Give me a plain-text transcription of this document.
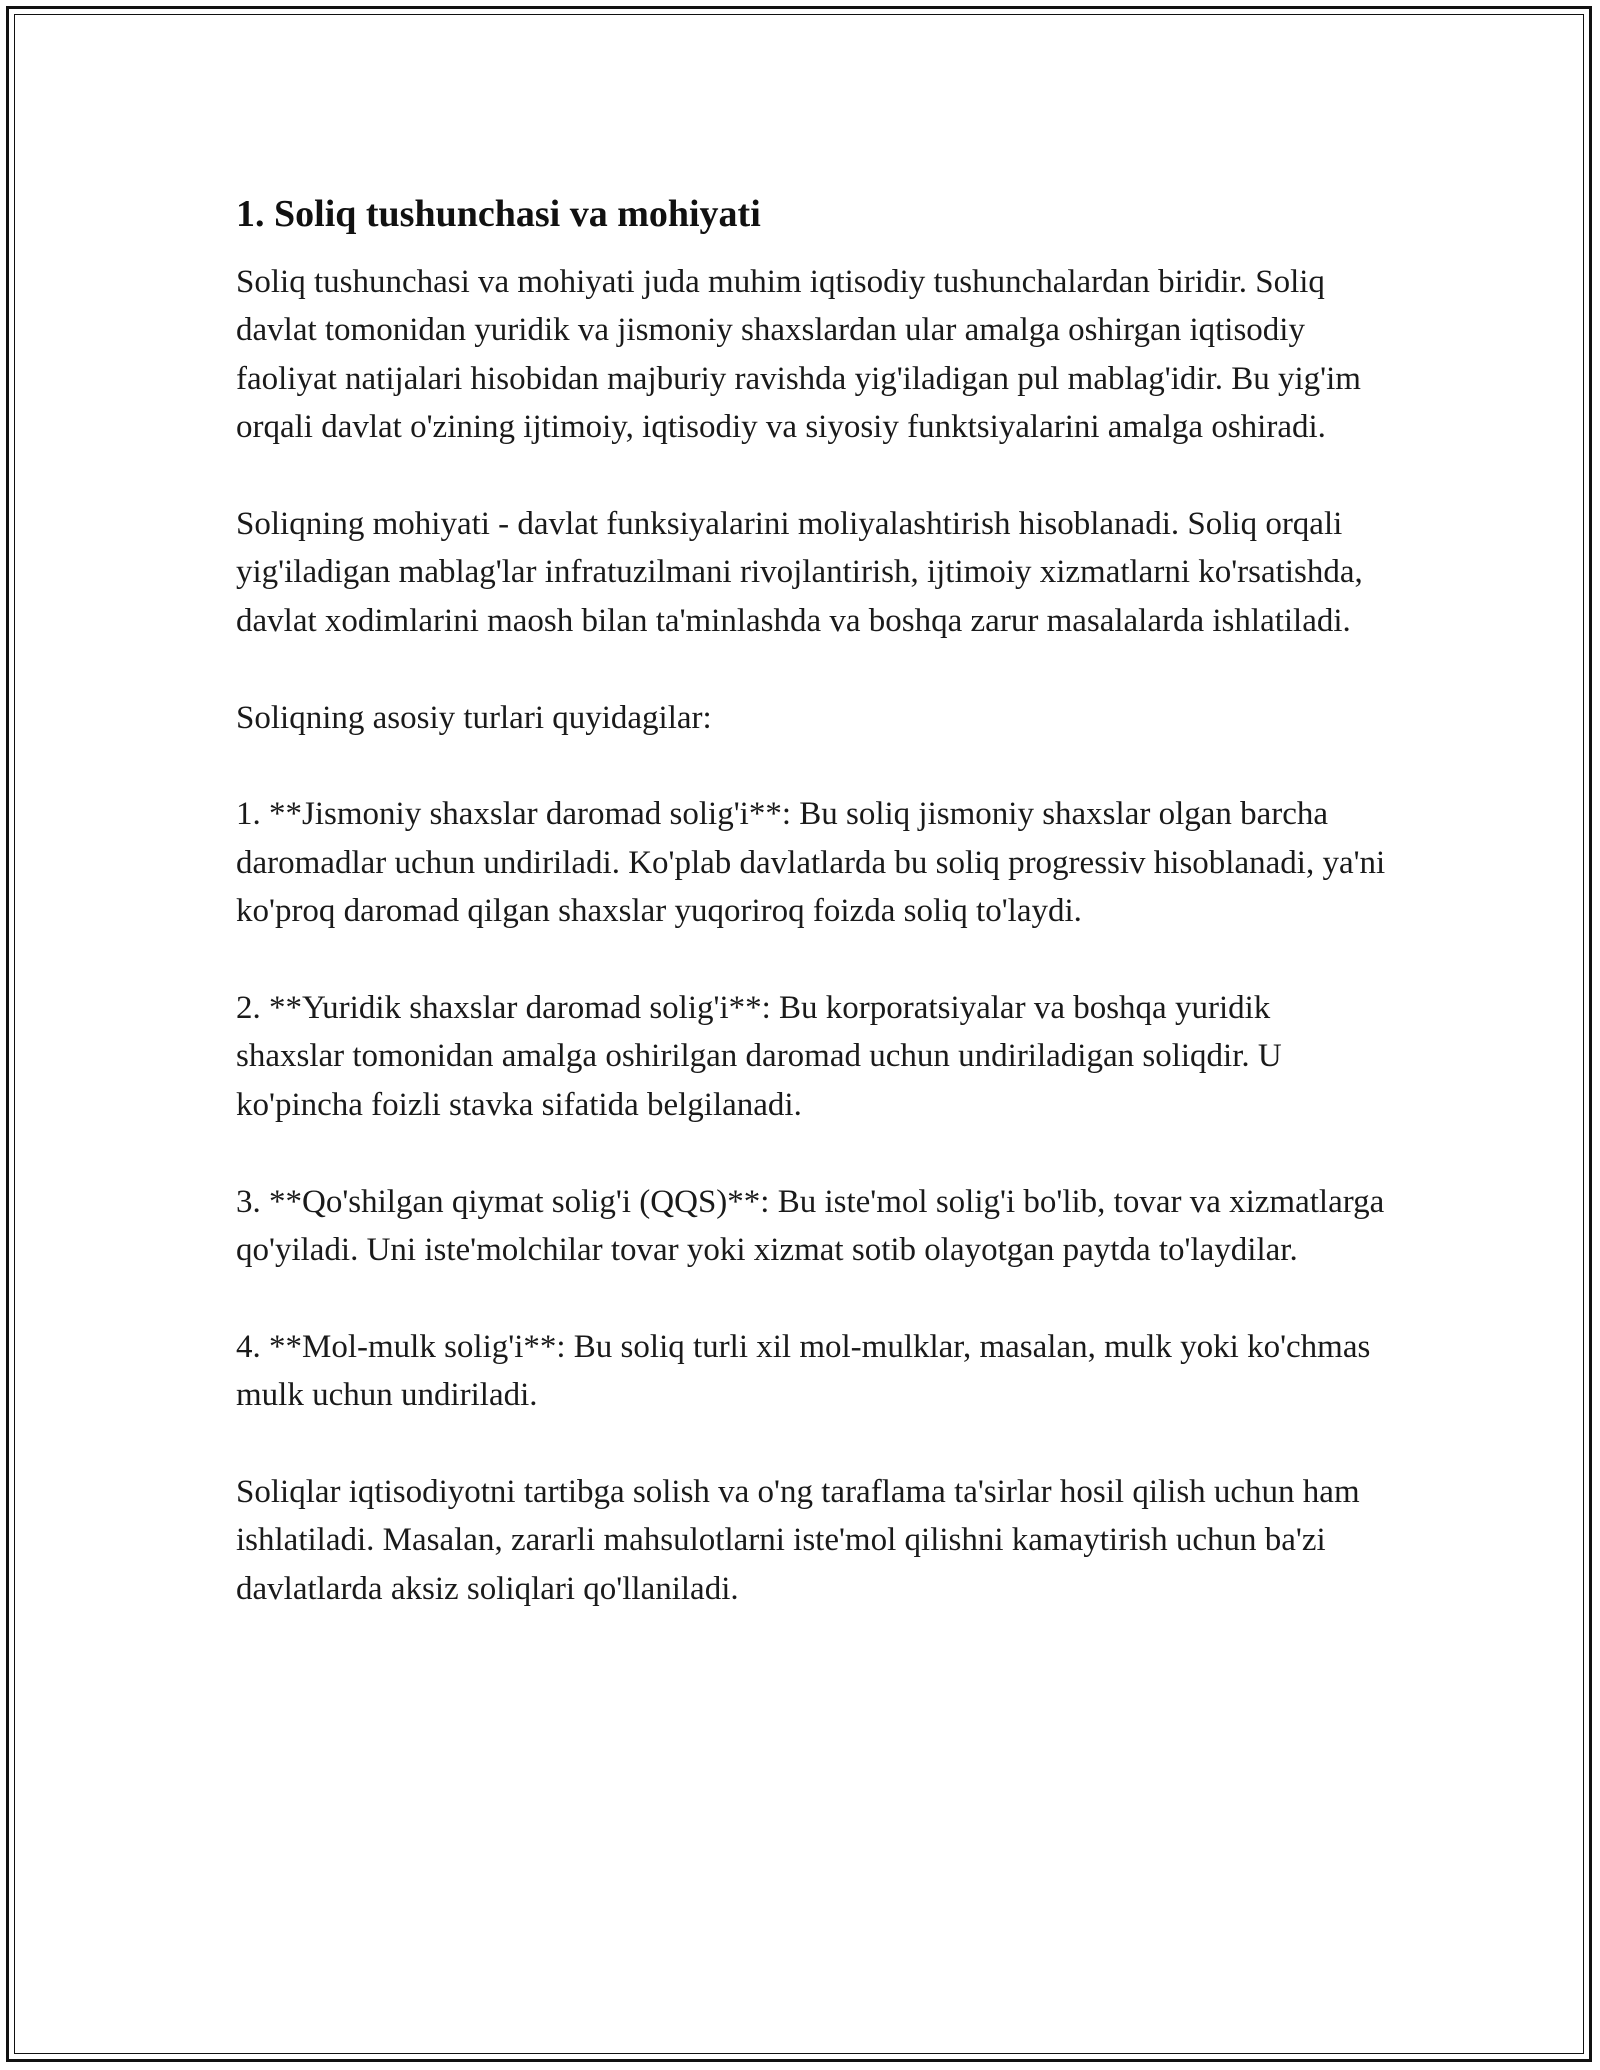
1. Soliq tushunchasi va mohiyati

Soliq tushunchasi va mohiyati juda muhim iqtisodiy tushunchalardan biridir. Soliq davlat tomonidan yuridik va jismoniy shaxslardan ular amalga oshirgan iqtisodiy faoliyat natijalari hisobidan majburiy ravishda yig'iladigan pul mablag'idir. Bu yig'im orqali davlat o'zining ijtimoiy, iqtisodiy va siyosiy funktsiyalarini amalga oshiradi.

Soliqning mohiyati - davlat funksiyalarini moliyalashtirish hisoblanadi. Soliq orqali yig'iladigan mablag'lar infratuzilmani rivojlantirish, ijtimoiy xizmatlarni ko'rsatishda, davlat xodimlarini maosh bilan ta'minlashda va boshqa zarur masalalarda ishlatiladi.

Soliqning asosiy turlari quyidagilar:

1. **Jismoniy shaxslar daromad solig'i**: Bu soliq jismoniy shaxslar olgan barcha daromadlar uchun undiriladi. Ko'plab davlatlarda bu soliq progressiv hisoblanadi, ya'ni ko'proq daromad qilgan shaxslar yuqoriroq foizda soliq to'laydi.

2. **Yuridik shaxslar daromad solig'i**: Bu korporatsiyalar va boshqa yuridik shaxslar tomonidan amalga oshirilgan daromad uchun undiriladigan soliqdir. U ko'pincha foizli stavka sifatida belgilanadi.

3. **Qo'shilgan qiymat solig'i (QQS)**: Bu iste'mol solig'i bo'lib, tovar va xizmatlarga qo'yiladi. Uni iste'molchilar tovar yoki xizmat sotib olayotgan paytda to'laydilar.

4. **Mol-mulk solig'i**: Bu soliq turli xil mol-mulklar, masalan, mulk yoki ko'chmas mulk uchun undiriladi.

Soliqlar iqtisodiyotni tartibga solish va o'ng taraflama ta'sirlar hosil qilish uchun ham ishlatiladi. Masalan, zararli mahsulotlarni iste'mol qilishni kamaytirish uchun ba'zi davlatlarda aksiz soliqlari qo'llaniladi.
